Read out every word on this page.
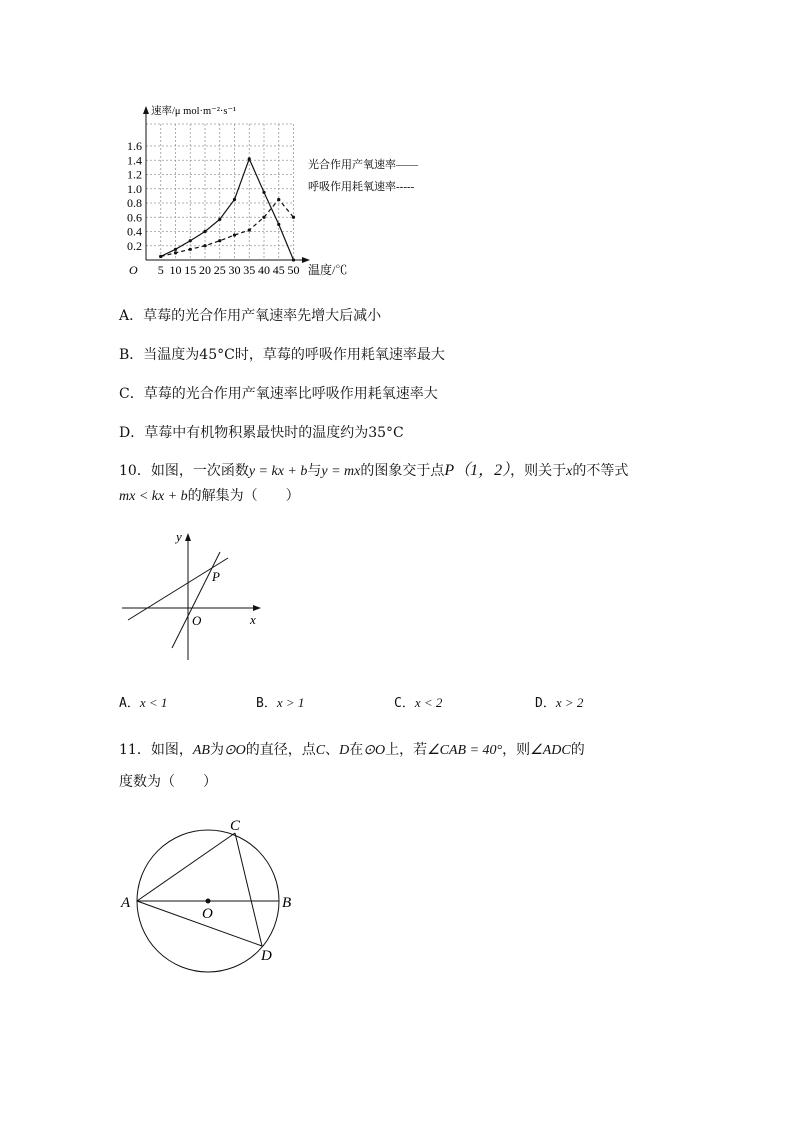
速率/μ mol·m⁻²·s⁻¹
温度/℃
O 5 10 15 20 25 30 35 40 45 50
0.2
0.4
0.6
0.8
1.0
1.2
1.4
1.6
光合作用产氧速率——
呼吸作用耗氧速率-----
A．草莓的光合作用产氧速率先增大后减小
B．当温度为45°C时，草莓的呼吸作用耗氧速率最大
C．草莓的光合作用产氧速率比呼吸作用耗氧速率大
D．草莓中有机物积累最快时的温度约为35°C
10．如图，一次函数y = kx + b与y = mx的图象交于点P（1，2），则关于x的不等式
mx < kx + b的解集为（　　）
y
x
O
P
A．x < 1	B．x > 1	C．x < 2	D．x > 2
11．如图，AB为⊙O的直径，点C、D在⊙O上，若∠CAB = 40°，则∠ADC的
度数为（　　）
A	B
C
D
O
